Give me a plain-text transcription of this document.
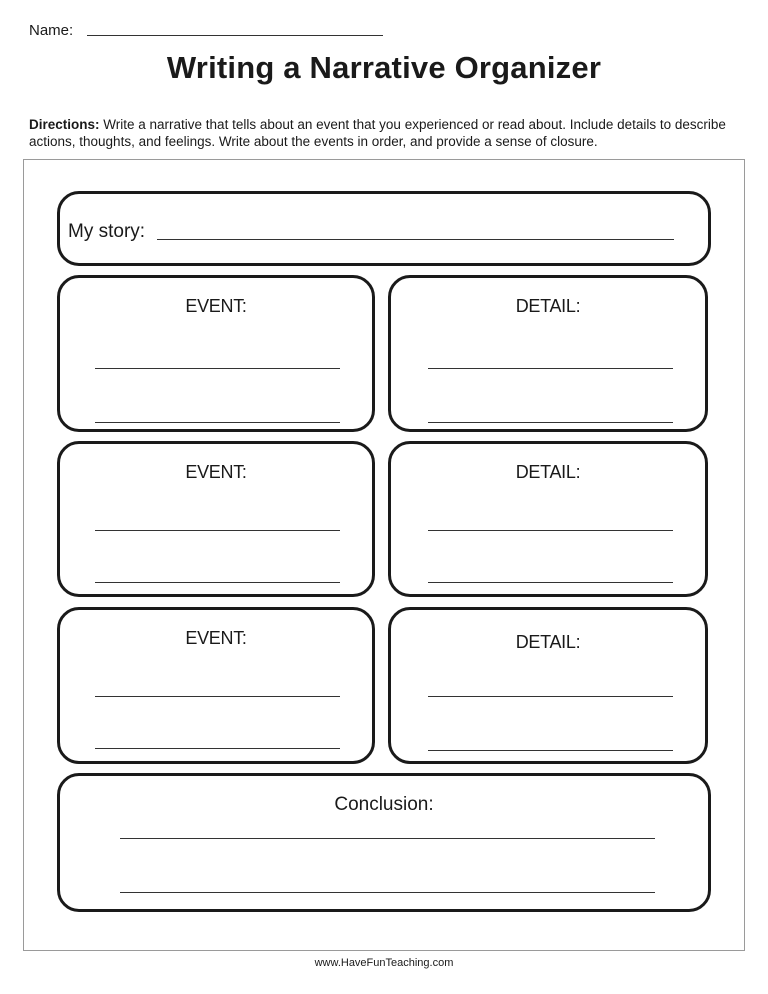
Name:
Writing a Narrative Organizer
Directions: Write a narrative that tells about an event that you experienced or read about. Include details to describe actions, thoughts, and feelings. Write about the events in order, and provide a sense of closure.
My story:
EVENT:	DETAIL:
EVENT:	DETAIL:
EVENT:	DETAIL:
Conclusion:
www.HaveFunTeaching.com
